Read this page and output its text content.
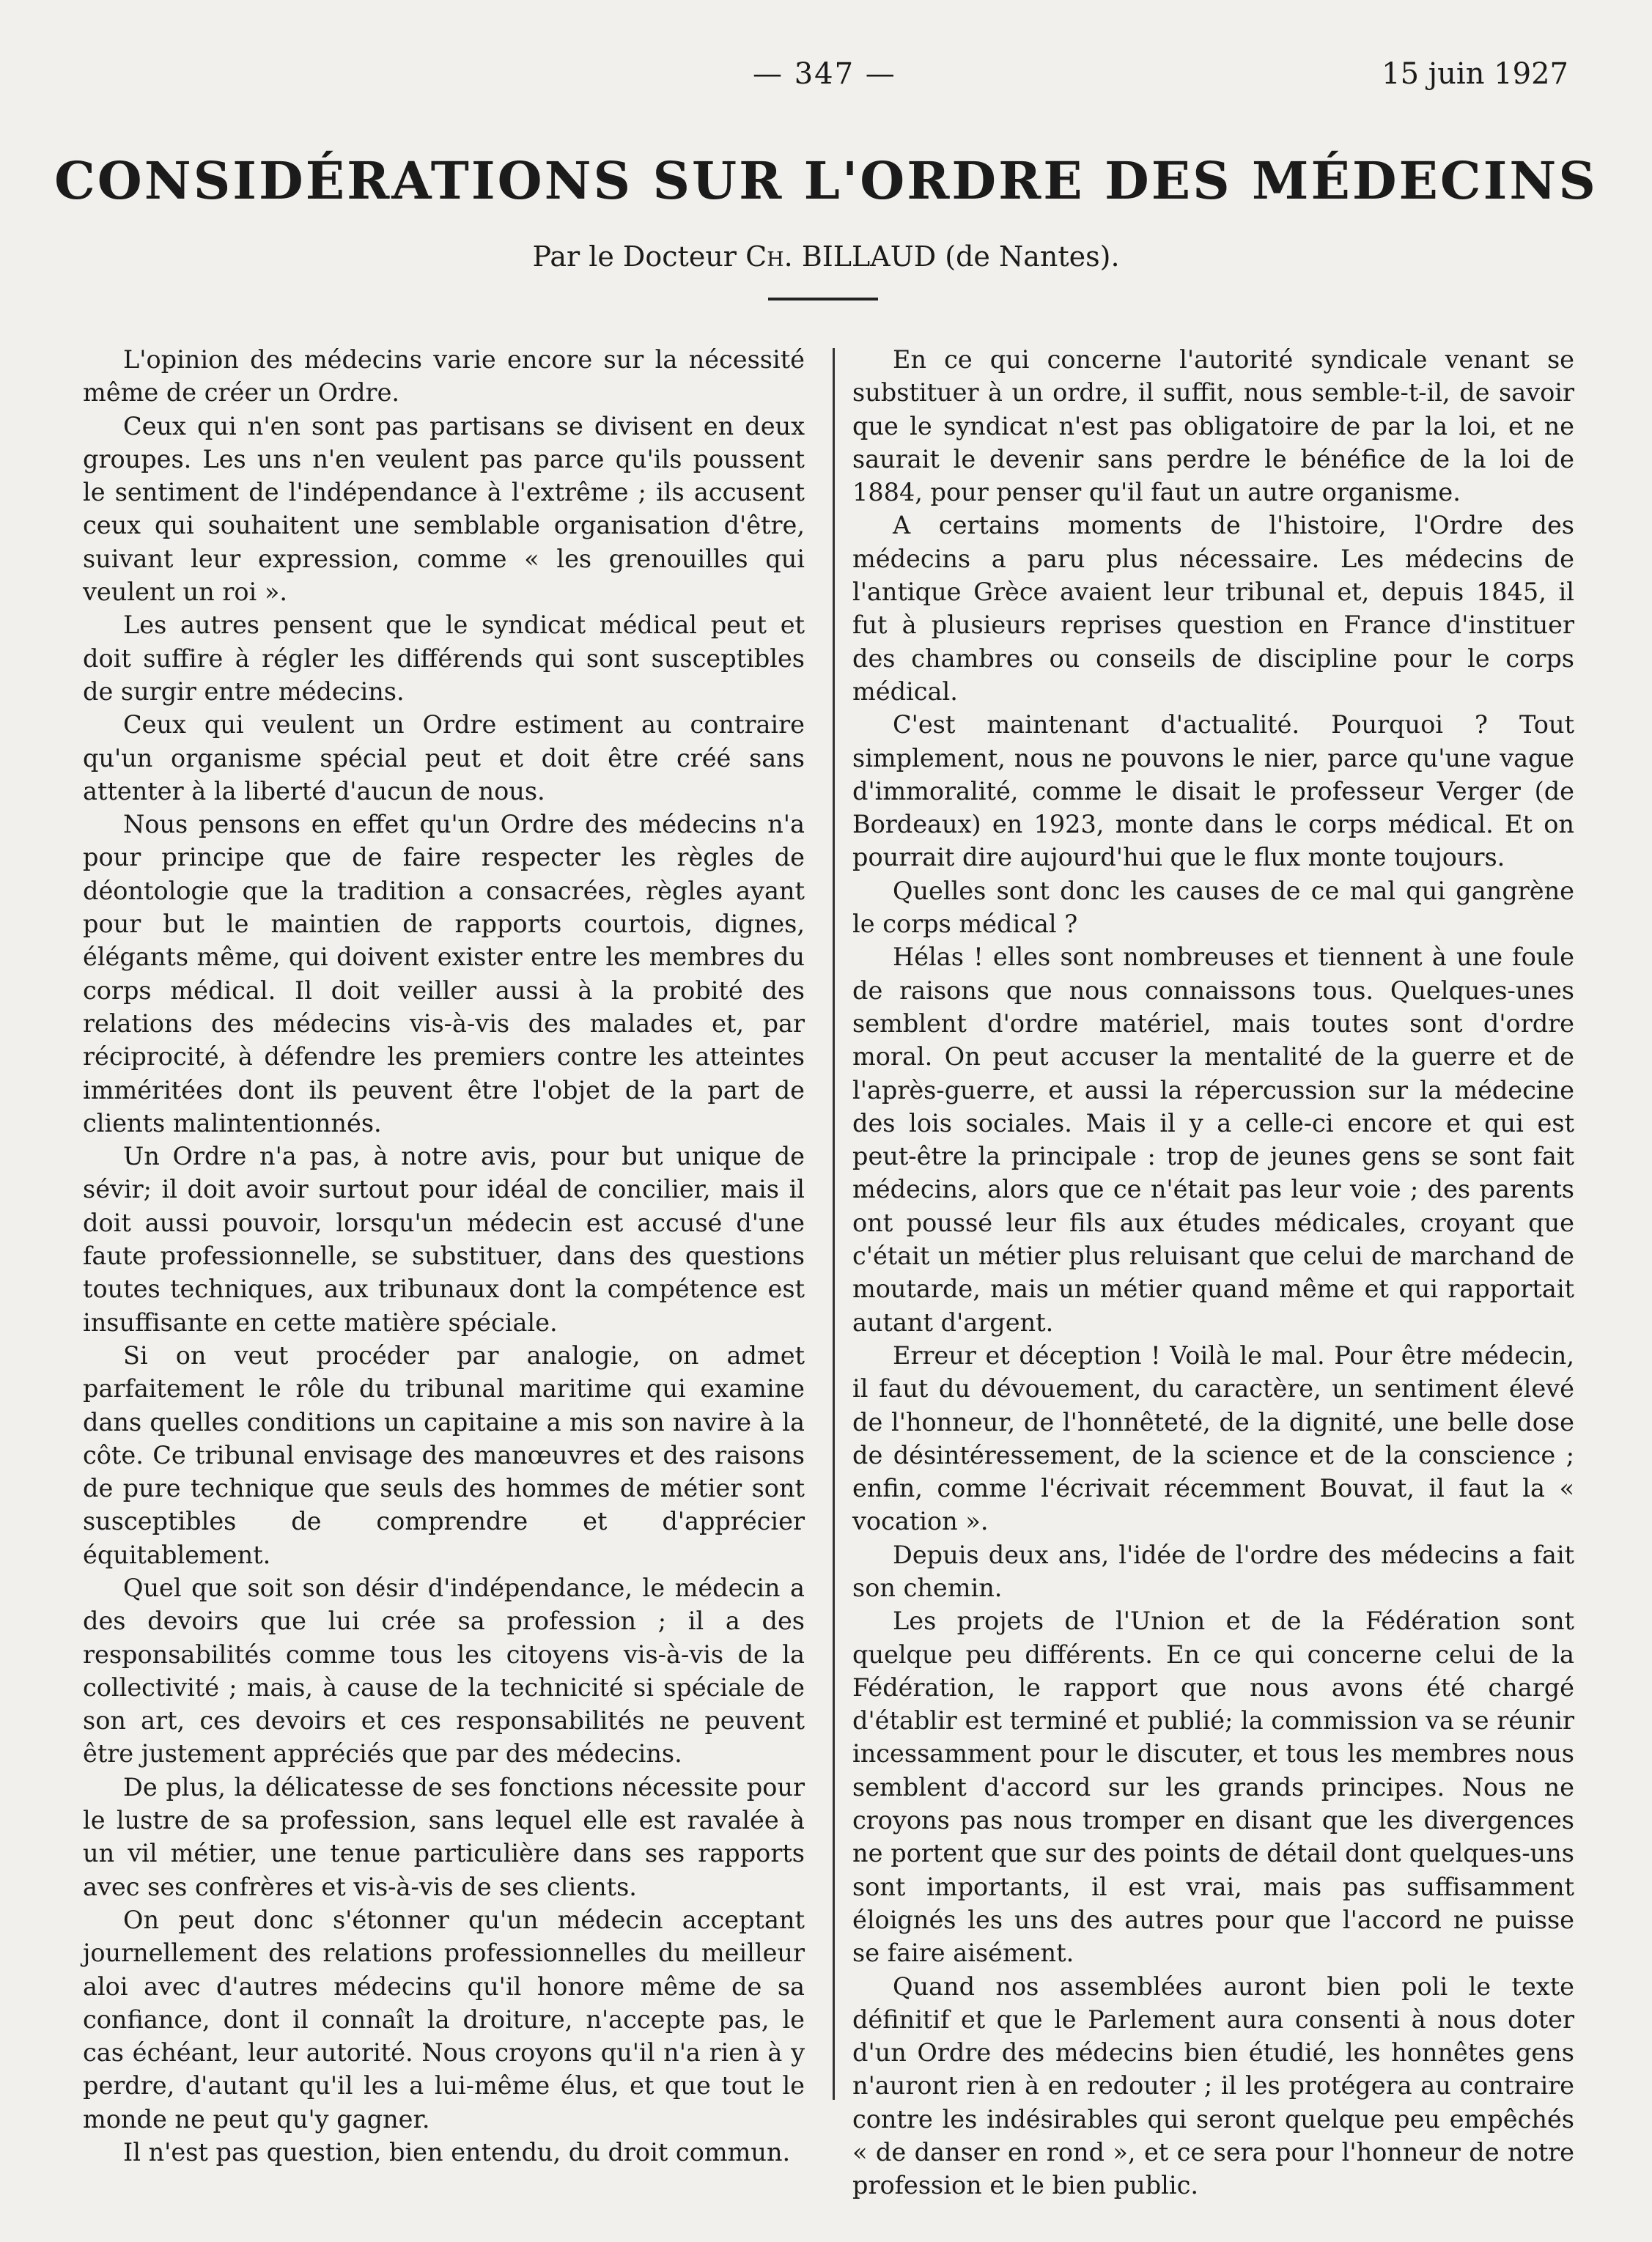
— 347 —	15 juin 1927
CONSIDÉRATIONS SUR L'ORDRE DES MÉDECINS
Par le Docteur Ch. BILLAUD (de Nantes).

L'opinion des médecins varie encore sur la nécessité même de créer un Ordre.

Ceux qui n'en sont pas partisans se divisent en deux groupes. Les uns n'en veulent pas parce qu'ils poussent le sentiment de l'indépendance à l'extrême ; ils accusent ceux qui souhaitent une semblable organisation d'être, suivant leur expression, comme « les grenouilles qui veulent un roi ».

Les autres pensent que le syndicat médical peut et doit suffire à régler les différends qui sont susceptibles de surgir entre médecins.

Ceux qui veulent un Ordre estiment au contraire qu'un organisme spécial peut et doit être créé sans attenter à la liberté d'aucun de nous.

Nous pensons en effet qu'un Ordre des médecins n'a pour principe que de faire respecter les règles de déontologie que la tradition a consacrées, règles ayant pour but le maintien de rapports courtois, dignes, élégants même, qui doivent exister entre les membres du corps médical. Il doit veiller aussi à la probité des relations des médecins vis-à-vis des malades et, par réciprocité, à défendre les premiers contre les atteintes imméritées dont ils peuvent être l'objet de la part de clients malintentionnés.

Un Ordre n'a pas, à notre avis, pour but unique de sévir; il doit avoir surtout pour idéal de concilier, mais il doit aussi pouvoir, lorsqu'un médecin est accusé d'une faute professionnelle, se substituer, dans des questions toutes techniques, aux tribunaux dont la compétence est insuffisante en cette matière spéciale.

Si on veut procéder par analogie, on admet parfaitement le rôle du tribunal maritime qui examine dans quelles conditions un capitaine a mis son navire à la côte. Ce tribunal envisage des manœuvres et des raisons de pure technique que seuls des hommes de métier sont susceptibles de comprendre et d'apprécier équitablement.

Quel que soit son désir d'indépendance, le médecin a des devoirs que lui crée sa profession ; il a des responsabilités comme tous les citoyens vis-à-vis de la collectivité ; mais, à cause de la technicité si spéciale de son art, ces devoirs et ces responsabilités ne peuvent être justement appréciés que par des médecins.

De plus, la délicatesse de ses fonctions nécessite pour le lustre de sa profession, sans lequel elle est ravalée à un vil métier, une tenue particulière dans ses rapports avec ses confrères et vis-à-vis de ses clients.

On peut donc s'étonner qu'un médecin acceptant journellement des relations professionnelles du meilleur aloi avec d'autres médecins qu'il honore même de sa confiance, dont il connaît la droiture, n'accepte pas, le cas échéant, leur autorité. Nous croyons qu'il n'a rien à y perdre, d'autant qu'il les a lui-même élus, et que tout le monde ne peut qu'y gagner.

Il n'est pas question, bien entendu, du droit commun.

En ce qui concerne l'autorité syndicale venant se substituer à un ordre, il suffit, nous semble-t-il, de savoir que le syndicat n'est pas obligatoire de par la loi, et ne saurait le devenir sans perdre le bénéfice de la loi de 1884, pour penser qu'il faut un autre organisme.

A certains moments de l'histoire, l'Ordre des médecins a paru plus nécessaire. Les médecins de l'antique Grèce avaient leur tribunal et, depuis 1845, il fut à plusieurs reprises question en France d'instituer des chambres ou conseils de discipline pour le corps médical.

C'est maintenant d'actualité. Pourquoi ? Tout simplement, nous ne pouvons le nier, parce qu'une vague d'immoralité, comme le disait le professeur Verger (de Bordeaux) en 1923, monte dans le corps médical. Et on pourrait dire aujourd'hui que le flux monte toujours.

Quelles sont donc les causes de ce mal qui gangrène le corps médical ?

Hélas ! elles sont nombreuses et tiennent à une foule de raisons que nous connaissons tous. Quelques-unes semblent d'ordre matériel, mais toutes sont d'ordre moral. On peut accuser la mentalité de la guerre et de l'après-guerre, et aussi la répercussion sur la médecine des lois sociales. Mais il y a celle-ci encore et qui est peut-être la principale : trop de jeunes gens se sont fait médecins, alors que ce n'était pas leur voie ; des parents ont poussé leur fils aux études médicales, croyant que c'était un métier plus reluisant que celui de marchand de moutarde, mais un métier quand même et qui rapportait autant d'argent.

Erreur et déception ! Voilà le mal. Pour être médecin, il faut du dévouement, du caractère, un sentiment élevé de l'honneur, de l'honnêteté, de la dignité, une belle dose de désintéressement, de la science et de la conscience ; enfin, comme l'écrivait récemment Bouvat, il faut la « vocation ».

Depuis deux ans, l'idée de l'ordre des médecins a fait son chemin.

Les projets de l'Union et de la Fédération sont quelque peu différents. En ce qui concerne celui de la Fédération, le rapport que nous avons été chargé d'établir est terminé et publié; la commission va se réunir incessamment pour le discuter, et tous les membres nous semblent d'accord sur les grands principes. Nous ne croyons pas nous tromper en disant que les divergences ne portent que sur des points de détail dont quelques-uns sont importants, il est vrai, mais pas suffisamment éloignés les uns des autres pour que l'accord ne puisse se faire aisément.

Quand nos assemblées auront bien poli le texte définitif et que le Parlement aura consenti à nous doter d'un Ordre des médecins bien étudié, les honnêtes gens n'auront rien à en redouter ; il les protégera au contraire contre les indésirables qui seront quelque peu empêchés « de danser en rond », et ce sera pour l'honneur de notre profession et le bien public.
